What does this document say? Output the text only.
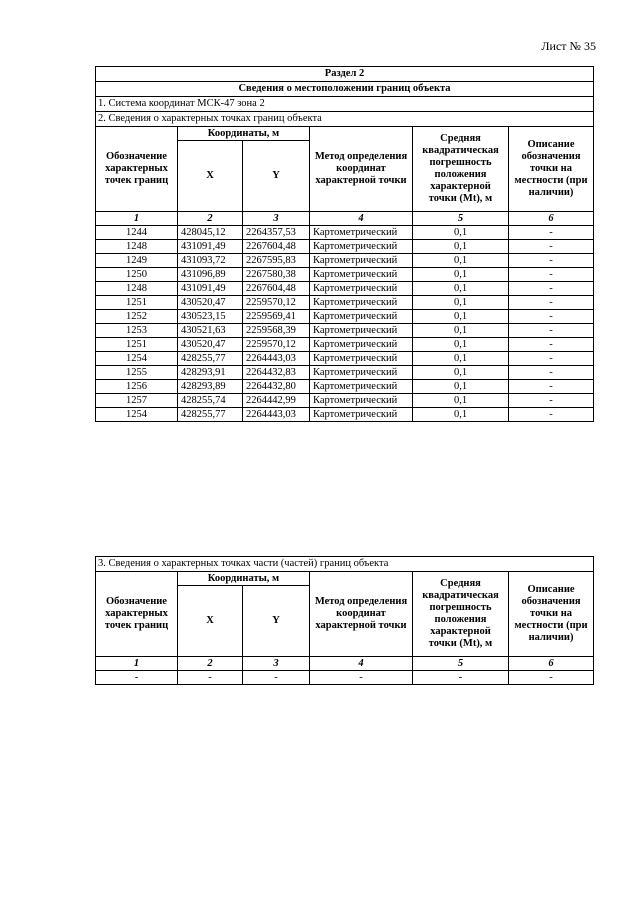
Лист № 35
Раздел 2					
Сведения о местоположении границ объекта					
1. Система координат МСК-47 зона 2					
2. Сведения о характерных точках границ объекта					
Обозначение характерных точек границ	Координаты, м		Метод определения координат характерной точки	Средняя квадратическая погрешность положения характерной точки (Mt), м	Описание обозначения точки на местности (при наличии)
	X	Y			
1	2	3	4	5	6
1244	428045,12	2264357,53	Картометрический	0,1	-
1248	431091,49	2267604,48	Картометрический	0,1	-
1249	431093,72	2267595,83	Картометрический	0,1	-
1250	431096,89	2267580,38	Картометрический	0,1	-
1248	431091,49	2267604,48	Картометрический	0,1	-
1251	430520,47	2259570,12	Картометрический	0,1	-
1252	430523,15	2259569,41	Картометрический	0,1	-
1253	430521,63	2259568,39	Картометрический	0,1	-
1251	430520,47	2259570,12	Картометрический	0,1	-
1254	428255,77	2264443,03	Картометрический	0,1	-
1255	428293,91	2264432,83	Картометрический	0,1	-
1256	428293,89	2264432,80	Картометрический	0,1	-
1257	428255,74	2264442,99	Картометрический	0,1	-
1254	428255,77	2264443,03	Картометрический	0,1	-
3. Сведения о характерных точках части (частей) границ объекта					
Обозначение характерных точек границ	Координаты, м		Метод определения координат характерной точки	Средняя квадратическая погрешность положения характерной точки (Mt), м	Описание обозначения точки на местности (при наличии)
	X	Y			
1	2	3	4	5	6
-	-	-	-	-	-
